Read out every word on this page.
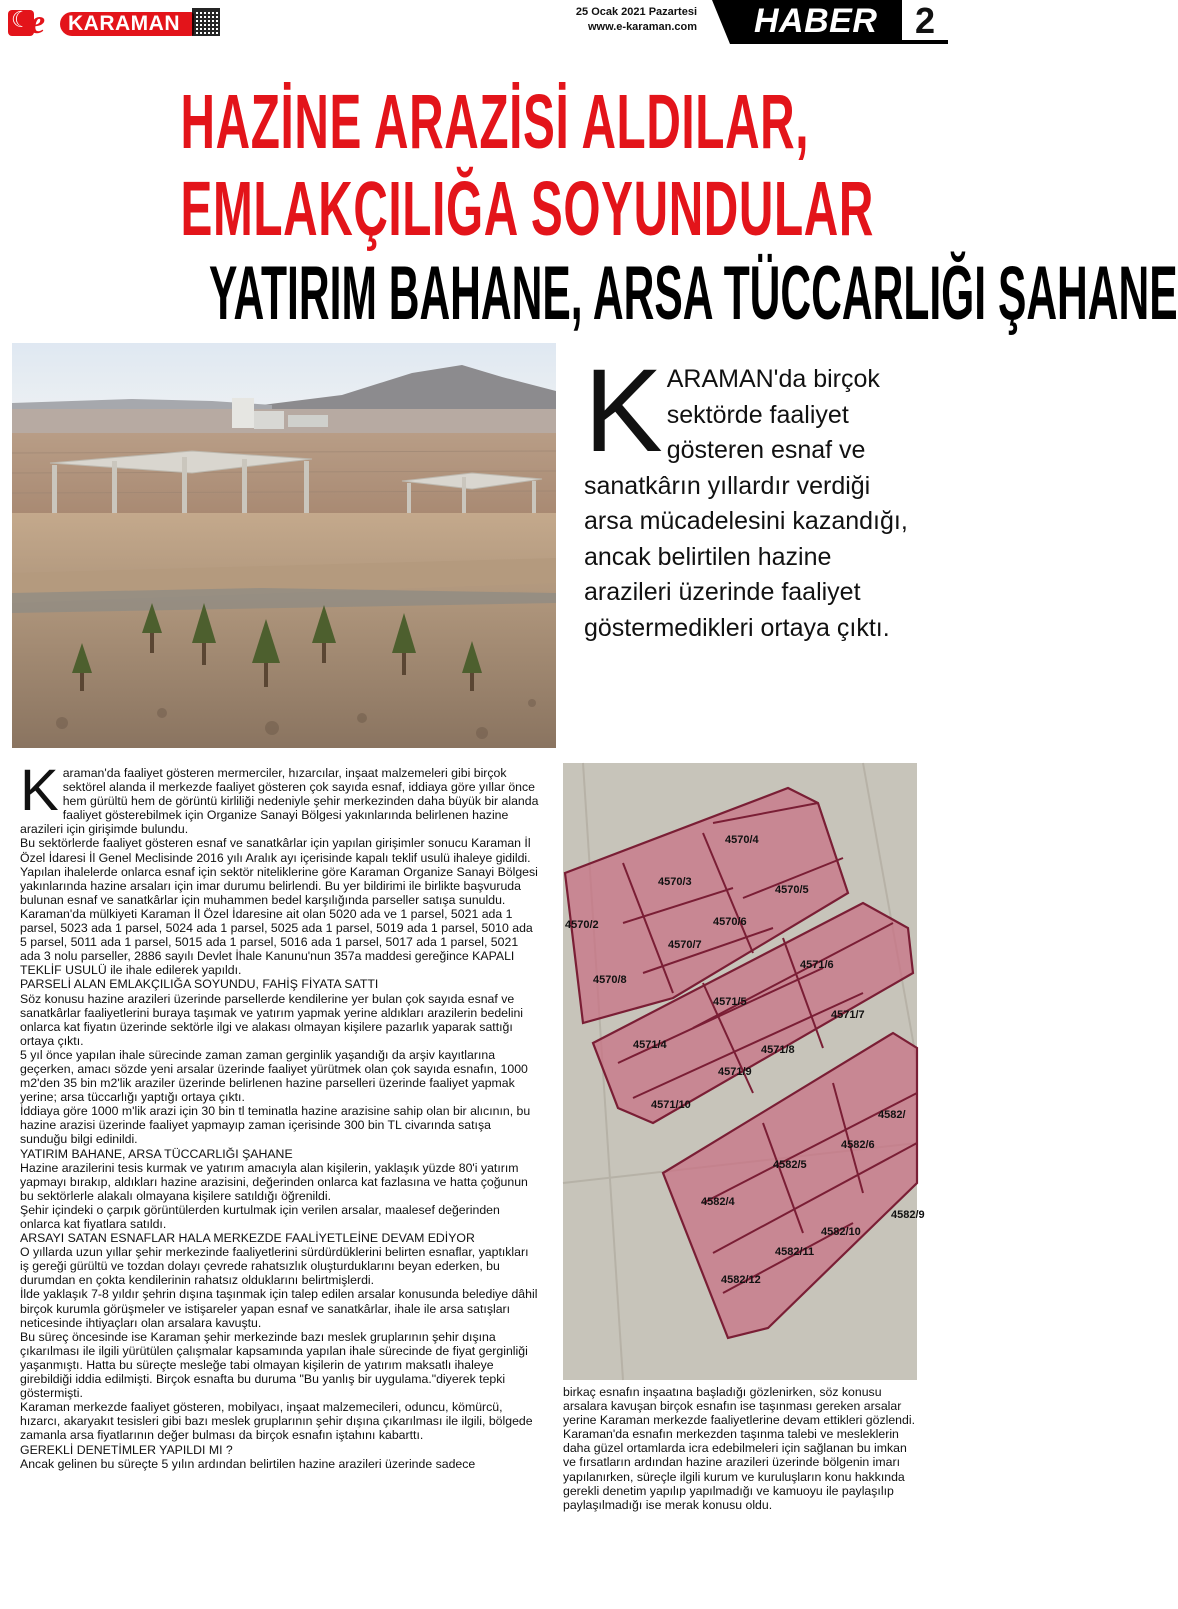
☾
e KARAMAN	25 Ocak 2021 Pazartesi
www.e-karaman.com HABER	2
HAZİNE ARAZİSİ ALDILAR,
EMLAKÇILIĞA SOYUNDULAR
YATIRIM BAHANE, ARSA TÜCCARLIĞI ŞAHANE
KARAMAN'da birçok sektörde faaliyet gösteren esnaf ve sanatkârın yıllardır verdiği arsa mücadelesini kazandığı, ancak belirtilen hazine arazileri üzerinde faaliyet göstermedikleri ortaya çıktı.
4570/4
4570/3
4570/5
4570/2	4570/6
4570/7
4570/8
4571/6
4571/5
4571/7
4571/4	4571/8
4571/9
4571/10
4582/
4582/6
4582/5
4582/4
4582/9
4582/10
4582/11
4582/12

Karaman'da faaliyet gösteren mermerciler, hızarcılar, inşaat malzemeleri gibi birçok sektörel alanda il merkezde faaliyet gösteren çok sayıda esnaf, iddiaya göre yıllar önce hem gürültü hem de görüntü kirliliği nedeniyle şehir merkezinden daha büyük bir alanda faaliyet gösterebilmek için Organize Sanayi Bölgesi yakınlarında belirlenen hazine arazileri için girişimde bulundu.

Bu sektörlerde faaliyet gösteren esnaf ve sanatkârlar için yapılan girişimler sonucu Karaman İl Özel İdaresi İl Genel Meclisinde 2016 yılı Aralık ayı içerisinde kapalı teklif usulü ihaleye gidildi. Yapılan ihalelerde onlarca esnaf için sektör niteliklerine göre Karaman Organize Sanayi Bölgesi yakınlarında hazine arsaları için imar durumu belirlendi. Bu yer bildirimi ile birlikte başvuruda bulunan esnaf ve sanatkârlar için muhammen bedel karşılığında parseller satışa sunuldu.

Karaman'da mülkiyeti Karaman İl Özel İdaresine ait olan 5020 ada ve 1 parsel, 5021 ada 1 parsel, 5023 ada 1 parsel, 5024 ada 1 parsel, 5025 ada 1 parsel, 5019 ada 1 parsel, 5010 ada 5 parsel, 5011 ada 1 parsel, 5015 ada 1 parsel, 5016 ada 1 parsel, 5017 ada 1 parsel, 5021 ada 3 nolu parseller, 2886 sayılı Devlet İhale Kanunu'nun 357a maddesi gereğince KAPALI TEKLİF USULÜ ile ihale edilerek yapıldı.

PARSELİ ALAN EMLAKÇILIĞA SOYUNDU, FAHİŞ FİYATA SATTI

Söz konusu hazine arazileri üzerinde parsellerde kendilerine yer bulan çok sayıda esnaf ve sanatkârlar faaliyetlerini buraya taşımak ve yatırım yapmak yerine aldıkları arazilerin bedelini onlarca kat fiyatın üzerinde sektörle ilgi ve alakası olmayan kişilere pazarlık yaparak sattığı ortaya çıktı.

5 yıl önce yapılan ihale sürecinde zaman zaman gerginlik yaşandığı da arşiv kayıtlarına geçerken, amacı sözde yeni arsalar üzerinde faaliyet yürütmek olan çok sayıda esnafın, 1000 m2'den 35 bin m2'lik araziler üzerinde belirlenen hazine parselleri üzerinde faaliyet yapmak yerine; arsa tüccarlığı yaptığı ortaya çıktı.

İddiaya göre 1000 m'lik arazi için 30 bin tl teminatla hazine arazisine sahip olan bir alıcının, bu hazine arazisi üzerinde faaliyet yapmayıp zaman içerisinde 300 bin TL civarında satışa sunduğu bilgi edinildi.

YATIRIM BAHANE, ARSA TÜCCARLIĞI ŞAHANE

Hazine arazilerini tesis kurmak ve yatırım amacıyla alan kişilerin, yaklaşık yüzde 80'i yatırım yapmayı bırakıp, aldıkları hazine arazisini, değerinden onlarca kat fazlasına ve hatta çoğunun bu sektörlerle alakalı olmayana kişilere satıldığı öğrenildi.

Şehir içindeki o çarpık görüntülerden kurtulmak için verilen arsalar, maalesef değerinden onlarca kat fiyatlara satıldı.

ARSAYI SATAN ESNAFLAR HALA MERKEZDE FAALİYETLEİNE DEVAM EDİYOR

O yıllarda uzun yıllar şehir merkezinde faaliyetlerini sürdürdüklerini belirten esnaflar, yaptıkları iş gereği gürültü ve tozdan dolayı çevrede rahatsızlık oluşturduklarını beyan ederken, bu durumdan en çokta kendilerinin rahatsız olduklarını belirtmişlerdi.

İlde yaklaşık 7-8 yıldır şehrin dışına taşınmak için talep edilen arsalar konusunda belediye dâhil birçok kurumla görüşmeler ve istişareler yapan esnaf ve sanatkârlar, ihale ile arsa satışları neticesinde ihtiyaçları olan arsalara kavuştu.

Bu süreç öncesinde ise Karaman şehir merkezinde bazı meslek gruplarının şehir dışına çıkarılması ile ilgili yürütülen çalışmalar kapsamında yapılan ihale sürecinde de fiyat gerginliği yaşanmıştı. Hatta bu süreçte mesleğe tabi olmayan kişilerin de yatırım maksatlı ihaleye girebildiği iddia edilmişti. Birçok esnafta bu duruma "Bu yanlış bir uygulama."diyerek tepki göstermişti.

Karaman merkezde faaliyet gösteren, mobilyacı, inşaat malzemecileri, oduncu, kömürcü, hızarcı, akaryakıt tesisleri gibi bazı meslek gruplarının şehir dışına çıkarılması ile ilgili, bölgede zamanla arsa fiyatlarının değer bulması da birçok esnafın iştahını kabarttı.

GEREKLİ DENETİMLER YAPILDI MI ?

Ancak gelinen bu süreçte 5 yılın ardından belirtilen hazine arazileri üzerinde sadece

birkaç esnafın inşaatına başladığı gözlenirken, söz konusu arsalara kavuşan birçok esnafın ise taşınması gereken arsalar yerine Karaman merkezde faaliyetlerine devam ettikleri gözlendi.

Karaman'da esnafın merkezden taşınma talebi ve mesleklerin daha güzel ortamlarda icra edebilmeleri için sağlanan bu imkan ve fırsatların ardından hazine arazileri üzerinde bölgenin imarı yapılanırken, süreçle ilgili kurum ve kuruluşların konu hakkında gerekli denetim yapılıp yapılmadığı ve kamuoyu ile paylaşılıp paylaşılmadığı ise merak konusu oldu.
